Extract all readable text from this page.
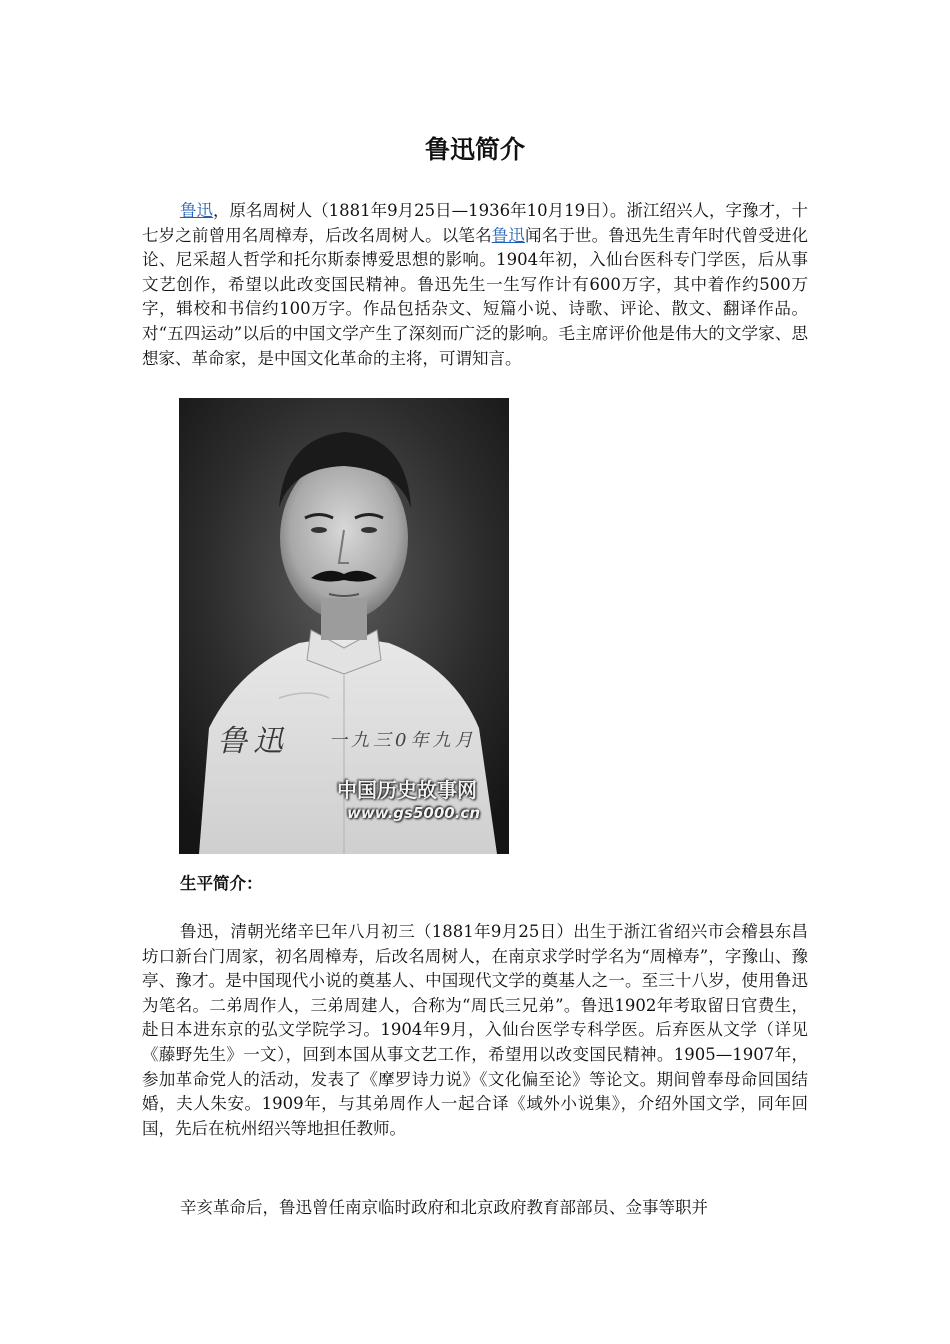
鲁迅简介

鲁迅，原名周树人（1881年9月25日—1936年10月19日）。浙江绍兴人，字豫才，十七岁之前曾用名周樟寿，后改名周树人。以笔名鲁迅闻名于世。鲁迅先生青年时代曾受进化论、尼采超人哲学和托尔斯泰博爱思想的影响。1904年初，入仙台医科专门学医，后从事文艺创作，希望以此改变国民精神。鲁迅先生一生写作计有600万字，其中着作约500万字，辑校和书信约100万字。作品包括杂文、短篇小说、诗歌、评论、散文、翻译作品。对“五四运动”以后的中国文学产生了深刻而广泛的影响。毛主席评价他是伟大的文学家、思想家、革命家，是中国文化革命的主将，可谓知言。

鲁迅 一九三0年九月
中国历史故事网
www.gs5000.cn
生平简介：

鲁迅，清朝光绪辛巳年八月初三（1881年9月25日）出生于浙江省绍兴市会稽县东昌坊口新台门周家，初名周樟寿，后改名周树人，在南京求学时学名为“周樟寿”，字豫山、豫亭、豫才。是中国现代小说的奠基人、中国现代文学的奠基人之一。至三十八岁，使用鲁迅为笔名。二弟周作人，三弟周建人，合称为“周氏三兄弟”。鲁迅1902年考取留日官费生，赴日本进东京的弘文学院学习。1904年9月，入仙台医学专科学医。后弃医从文学（详见《藤野先生》一文），回到本国从事文艺工作，希望用以改变国民精神。1905—1907年，参加革命党人的活动，发表了《摩罗诗力说》《文化偏至论》等论文。期间曾奉母命回国结婚，夫人朱安。1909年，与其弟周作人一起合译《域外小说集》，介绍外国文学，同年回国，先后在杭州绍兴等地担任教师。

辛亥革命后，鲁迅曾任南京临时政府和北京政府教育部部员、佥事等职并
